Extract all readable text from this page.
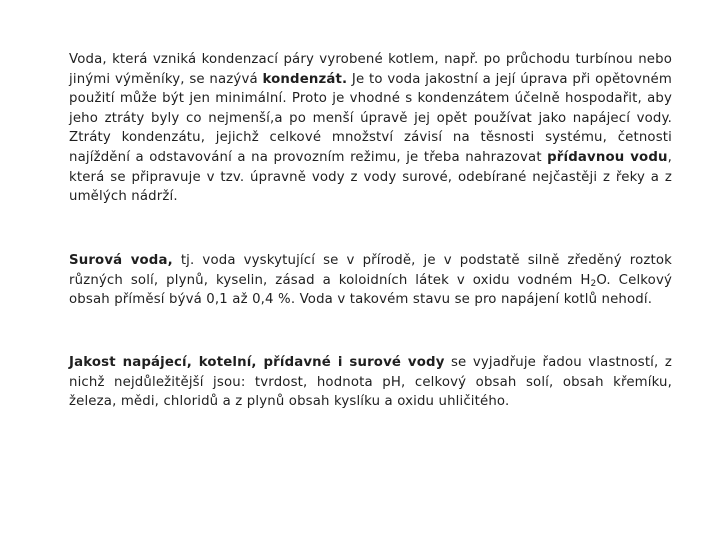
Voda, která vzniká kondenzací páry vyrobené kotlem, např. po průchodu turbínou nebo jinými výměníky, se nazývá kondenzát. Je to voda jakostní a její úprava při opětovném použití může být jen minimální. Proto je vhodné s kondenzátem účelně hospodařit, aby jeho ztráty byly co nejmenší,a po menší úpravě jej opět používat jako napájecí vody. Ztráty kondenzátu, jejichž celkové množství závisí na těsnosti systému, četnosti najíždění a odstavování a na provozním režimu, je třeba nahrazovat přídavnou vodu, která se připravuje v tzv. úpravně vody z vody surové, odebírané nejčastěji z řeky a z umělých nádrží.

Surová voda, tj. voda vyskytující se v přírodě, je v podstatě silně zředěný roztok různých solí, plynů, kyselin, zásad a koloidních látek v oxidu vodném $H_2O$. Celkový obsah příměsí bývá 0,1 až 0,4 %. Voda v takovém stavu se pro napájení kotlů nehodí.

Jakost napájecí, kotelní, přídavné i surové vody se vyjadřuje řadou vlastností, z nichž nejdůležitější jsou: tvrdost, hodnota pH, celkový obsah solí, obsah křemíku, železa, mědi, chloridů a z plynů obsah kyslíku a oxidu uhličitého.
